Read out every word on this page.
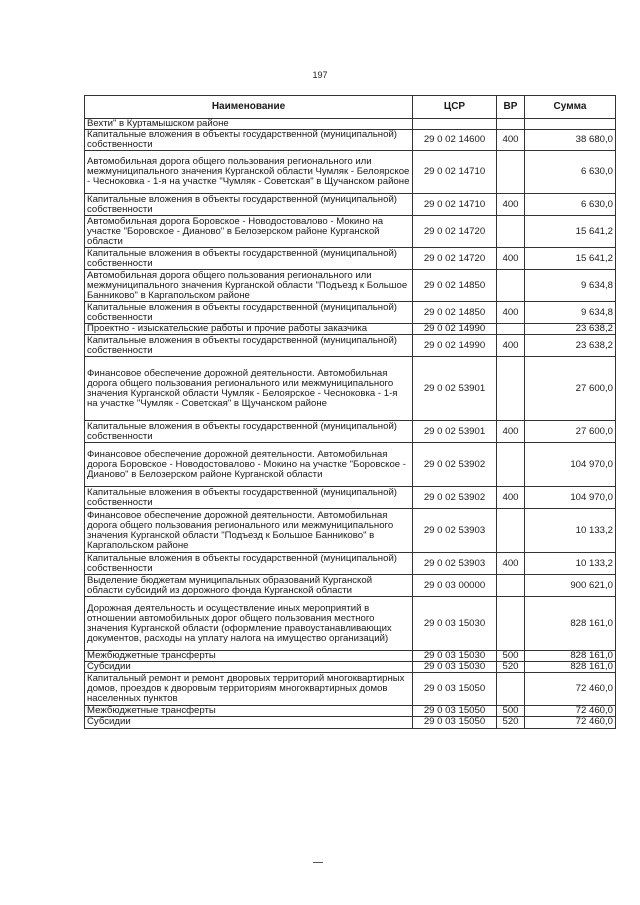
197
Наименование	ЦСР	ВР	Сумма
Вехти" в Куртамышском районе			
Капитальные вложения в объекты государственной (муниципальной) собственности	29 0 02 14600	400	38 680,0
Автомобильная дорога общего пользования регионального или межмуниципального значения Курганской области Чумляк - Белоярское - Чесноковка - 1-я на участке "Чумляк - Советская" в Щучанском районе	29 0 02 14710		6 630,0
Капитальные вложения в объекты государственной (муниципальной) собственности	29 0 02 14710	400	6 630,0
Автомобильная дорога Боровское - Новодостовалово - Мокино на участке "Боровское - Дианово" в Белозерском районе Курганской области	29 0 02 14720		15 641,2
Капитальные вложения в объекты государственной (муниципальной) собственности	29 0 02 14720	400	15 641,2
Автомобильная дорога общего пользования регионального или межмуниципального значения Курганской области "Подъезд к Большое Банниково" в Каргапольском районе	29 0 02 14850		9 634,8
Капитальные вложения в объекты государственной (муниципальной) собственности	29 0 02 14850	400	9 634,8
Проектно - изыскательские работы и прочие работы заказчика	29 0 02 14990		23 638,2
Капитальные вложения в объекты государственной (муниципальной) собственности	29 0 02 14990	400	23 638,2
Финансовое обеспечение дорожной деятельности. Автомобильная дорога общего пользования регионального или межмуниципального значения Курганской области Чумляк - Белоярское - Чесноковка - 1-я на участке "Чумляк - Советская" в Щучанском районе	29 0 02 53901		27 600,0
Капитальные вложения в объекты государственной (муниципальной) собственности	29 0 02 53901	400	27 600,0
Финансовое обеспечение дорожной деятельности. Автомобильная дорога Боровское - Новодостовалово - Мокино на участке "Боровское - Дианово" в Белозерском районе Курганской области	29 0 02 53902		104 970,0
Капитальные вложения в объекты государственной (муниципальной) собственности	29 0 02 53902	400	104 970,0
Финансовое обеспечение дорожной деятельности. Автомобильная дорога общего пользования регионального или межмуниципального значения Курганской области "Подъезд к Большое Банниково" в Каргапольском районе	29 0 02 53903		10 133,2
Капитальные вложения в объекты государственной (муниципальной) собственности	29 0 02 53903	400	10 133,2
Выделение бюджетам муниципальных образований Курганской области субсидий из дорожного фонда Курганской области	29 0 03 00000		900 621,0
Дорожная деятельность и осуществление иных мероприятий в отношении автомобильных дорог общего пользования местного значения Курганской области (оформление правоустанавливающих документов, расходы на уплату налога на имущество организаций)	29 0 03 15030		828 161,0
Межбюджетные трансферты	29 0 03 15030	500	828 161,0
Субсидии	29 0 03 15030	520	828 161,0
Капитальный ремонт и ремонт дворовых территорий многоквартирных домов, проездов к дворовым территориям многоквартирных домов населенных пунктов	29 0 03 15050		72 460,0
Межбюджетные трансферты	29 0 03 15050	500	72 460,0
Субсидии	29 0 03 15050	520	72 460,0
